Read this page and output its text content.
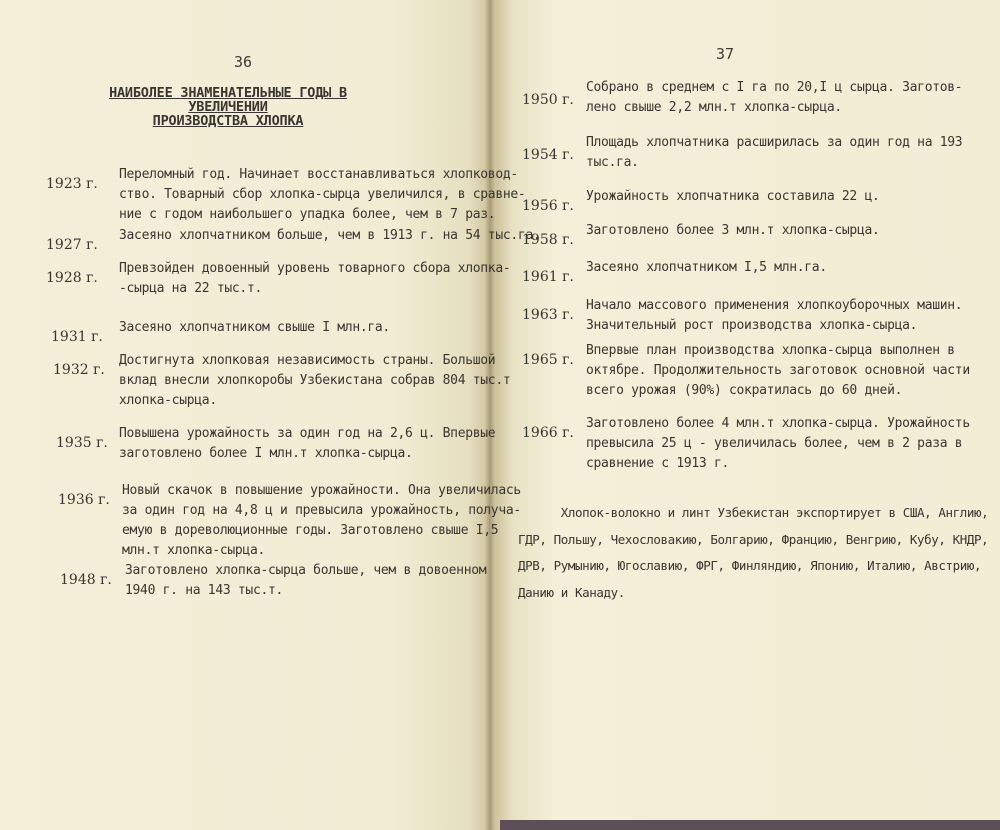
36
НАИБОЛЕЕ ЗНАМЕНАТЕЛЬНЫЕ ГОДЫ В УВЕЛИЧЕНИИ
ПРОИЗВОДСТВА ХЛОПКА
1923 г.
Переломный год. Начинает восстанавливаться хлопковод-
ство. Товарный сбор хлопка-сырца увеличился, в сравне-
ние с годом наибольшего упадка более, чем в 7 раз.
1927 г.
Засеяно хлопчатником больше, чем в 1913 г. на 54 тыс.га.
1928 г.
Превзойден довоенный уровень товарного сбора хлопка-
-сырца на 22 тыс.т.
1931 г.
Засеяно хлопчатником свыше I млн.га.
1932 г.
Достигнута хлопковая независимость страны. Большой
вклад внесли хлопкоробы Узбекистана собрав 804 тыс.т
хлопка-сырца.
1935 г.
Повышена урожайность за один год на 2,6 ц. Впервые
заготовлено более I млн.т хлопка-сырца.
1936 г.
Новый скачок в повышение урожайности. Она увеличилась
за один год на 4,8 ц и превысила урожайность, получа-
емую в дореволюционные годы. Заготовлено свыше I,5
млн.т хлопка-сырца.
1948 г.
Заготовлено хлопка-сырца больше, чем в довоенном
1940 г. на 143 тыс.т.
37
1950 г.
Собрано в среднем с I га по 20,I ц сырца. Заготов-
лено свыше 2,2 млн.т хлопка-сырца.
1954 г.
Площадь хлопчатника расширилась за один год на 193
тыс.га.
1956 г.
Урожайность хлопчатника составила 22 ц.
1958 г.
Заготовлено более 3 млн.т хлопка-сырца.
1961 г.
Засеяно хлопчатником I,5 млн.га.
1963 г.
Начало массового применения хлопкоуборочных машин.
Значительный рост производства хлопка-сырца.
1965 г.
Впервые план производства хлопка-сырца выполнен в
октябре. Продолжительность заготовок основной части
всего урожая (90%) сократилась до 60 дней.
1966 г.
Заготовлено более 4 млн.т хлопка-сырца. Урожайность
превысила 25 ц - увеличилась более, чем в 2 раза в
сравнение с 1913 г.
Хлопок-волокно и линт Узбекистан экспортирует в США, Англию,
ГДР, Польшу, Чехословакию, Болгарию, Францию, Венгрию, Кубу, КНДР,
ДРВ, Румынию, Югославию, ФРГ, Финляндию, Японию, Италию, Австрию,
Данию и Канаду.
